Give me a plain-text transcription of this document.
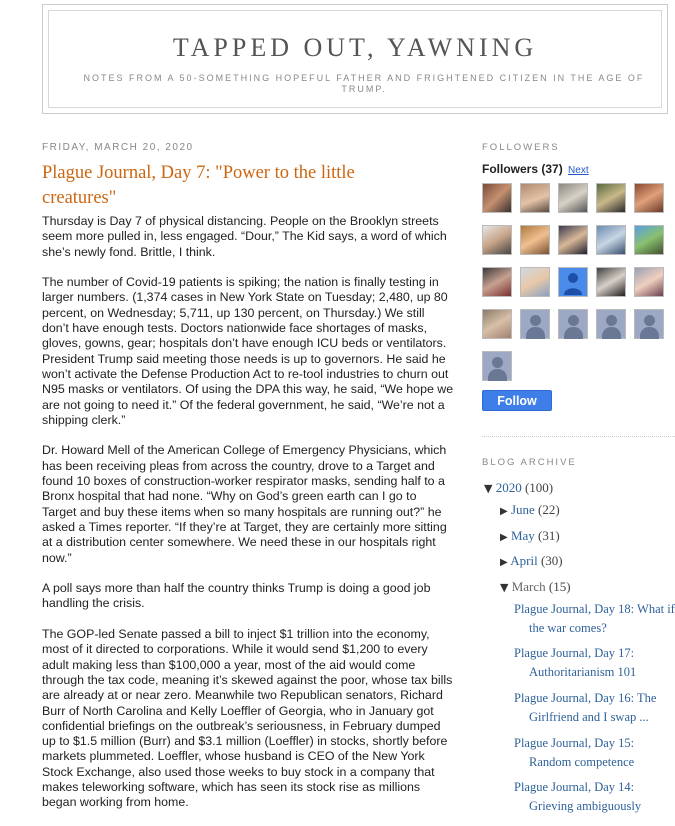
TAPPED OUT, YAWNING
NOTES FROM A 50-SOMETHING HOPEFUL FATHER AND FRIGHTENED CITIZEN IN THE AGE OF TRUMP.
FRIDAY, MARCH 20, 2020
Plague Journal, Day 7: "Power to the little creatures"

Thursday is Day 7 of physical distancing. People on the Brooklyn streets seem more pulled in, less engaged. “Dour,” The Kid says, a word of which she’s newly fond. Brittle, I think.

The number of Covid-19 patients is spiking; the nation is finally testing in larger numbers. (1,374 cases in New York State on Tuesday; 2,480, up 80 percent, on Wednesday; 5,711, up 130 percent, on Thursday.) We still don’t have enough tests. Doctors nationwide face shortages of masks, gloves, gowns, gear; hospitals don’t have enough ICU beds or ventilators. President Trump said meeting those needs is up to governors. He said he won’t activate the Defense Production Act to re-tool industries to churn out N95 masks or ventilators. Of using the DPA this way, he said, “We hope we are not going to need it.” Of the federal government, he said, “We’re not a shipping clerk.”

Dr. Howard Mell of the American College of Emergency Physicians, which has been receiving pleas from across the country, drove to a Target and found 10 boxes of construction-worker respirator masks, sending half to a Bronx hospital that had none. “Why on God’s green earth can I go to Target and buy these items when so many hospitals are running out?” he asked a Times reporter. “If they’re at Target, they are certainly more sitting at a distribution center somewhere. We need these in our hospitals right now.”

A poll says more than half the country thinks Trump is doing a good job handling the crisis.

The GOP-led Senate passed a bill to inject $1 trillion into the economy, most of it directed to corporations. While it would send $1,200 to every adult making less than $100,000 a year, most of the aid would come through the tax code, meaning it’s skewed against the poor, whose tax bills are already at or near zero. Meanwhile two Republican senators, Richard Burr of North Carolina and Kelly Loeffler of Georgia, who in January got confidential briefings on the outbreak’s seriousness, in February dumped up to $1.5 million (Burr) and $3.1 million (Loeffler) in stocks, shortly before markets plummeted. Loeffler, whose husband is CEO of the New York Stock Exchange, also used those weeks to buy stock in a company that makes teleworking software, which has seen its stock rise as millions began working from home.

FOLLOWERS
Followers (37) Next
Follow
BLOG ARCHIVE
▼ 2020 (100)
▶ June (22)
▶ May (31)
▶ April (30)
▼ March (15)
Plague Journal, Day 18: What if the war comes?
Plague Journal, Day 17: Authoritarianism 101
Plague Journal, Day 16: The Girlfriend and I swap ...
Plague Journal, Day 15: Random competence
Plague Journal, Day 14: Grieving ambiguously
